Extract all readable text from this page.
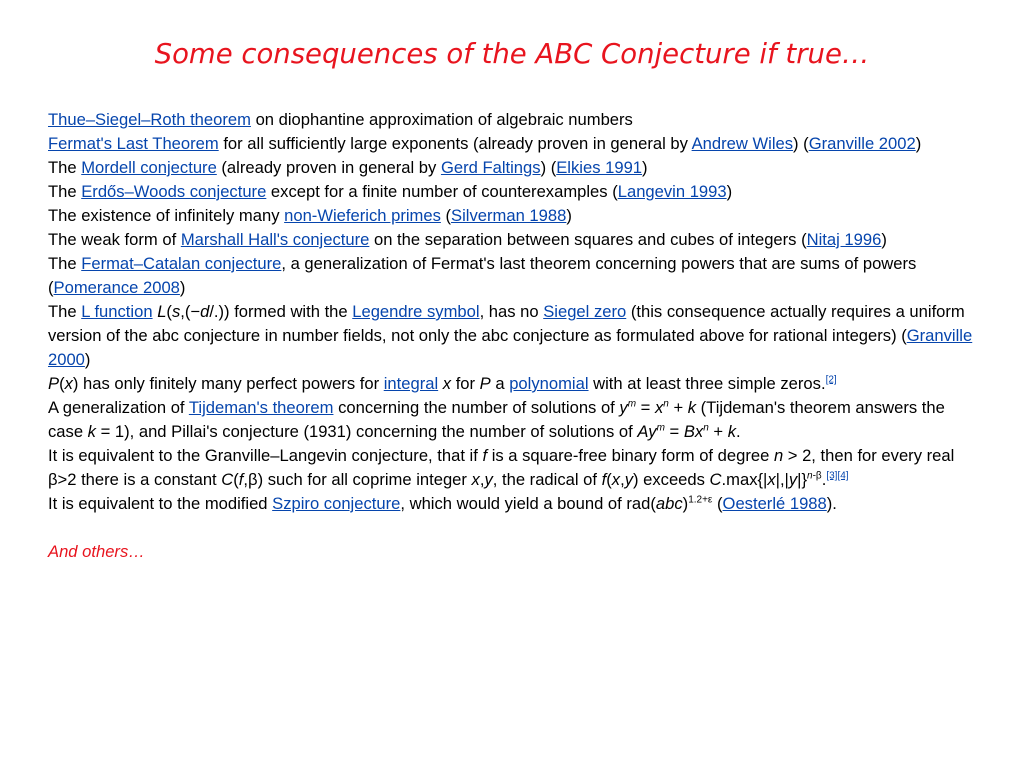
Some consequences of the ABC Conjecture if true…
Thue–Siegel–Roth theorem on diophantine approximation of algebraic numbers
Fermat's Last Theorem for all sufficiently large exponents (already proven in general by Andrew Wiles) (Granville 2002)
The Mordell conjecture (already proven in general by Gerd Faltings) (Elkies 1991)
The Erdős–Woods conjecture except for a finite number of counterexamples (Langevin 1993)
The existence of infinitely many non-Wieferich primes (Silverman 1988)
The weak form of Marshall Hall's conjecture on the separation between squares and cubes of integers (Nitaj 1996)
The Fermat–Catalan conjecture, a generalization of Fermat's last theorem concerning powers that are sums of powers (Pomerance 2008)
The L function L(s,(−d/.)) formed with the Legendre symbol, has no Siegel zero (this consequence actually requires a uniform version of the abc conjecture in number fields, not only the abc conjecture as formulated above for rational integers) (Granville 2000)
P(x) has only finitely many perfect powers for integral x for P a polynomial with at least three simple zeros.[2]
A generalization of Tijdeman's theorem concerning the number of solutions of $y^m = x^n + k$ (Tijdeman's theorem answers the case k = 1), and Pillai's conjecture (1931) concerning the number of solutions of $Ay^m = Bx^n + k$.
It is equivalent to the Granville–Langevin conjecture, that if f is a square-free binary form of degree n > 2, then for every real β>2 there is a constant C(f,β) such for all coprime integer x,y, the radical of f(x,y) exceeds $C.\max\{|x|,|y|\}^{n-\beta}.[3][4]$
It is equivalent to the modified Szpiro conjecture, which would yield a bound of rad(abc)$^{1.2+\varepsilon}$ (Oesterlé 1988).
And others…
